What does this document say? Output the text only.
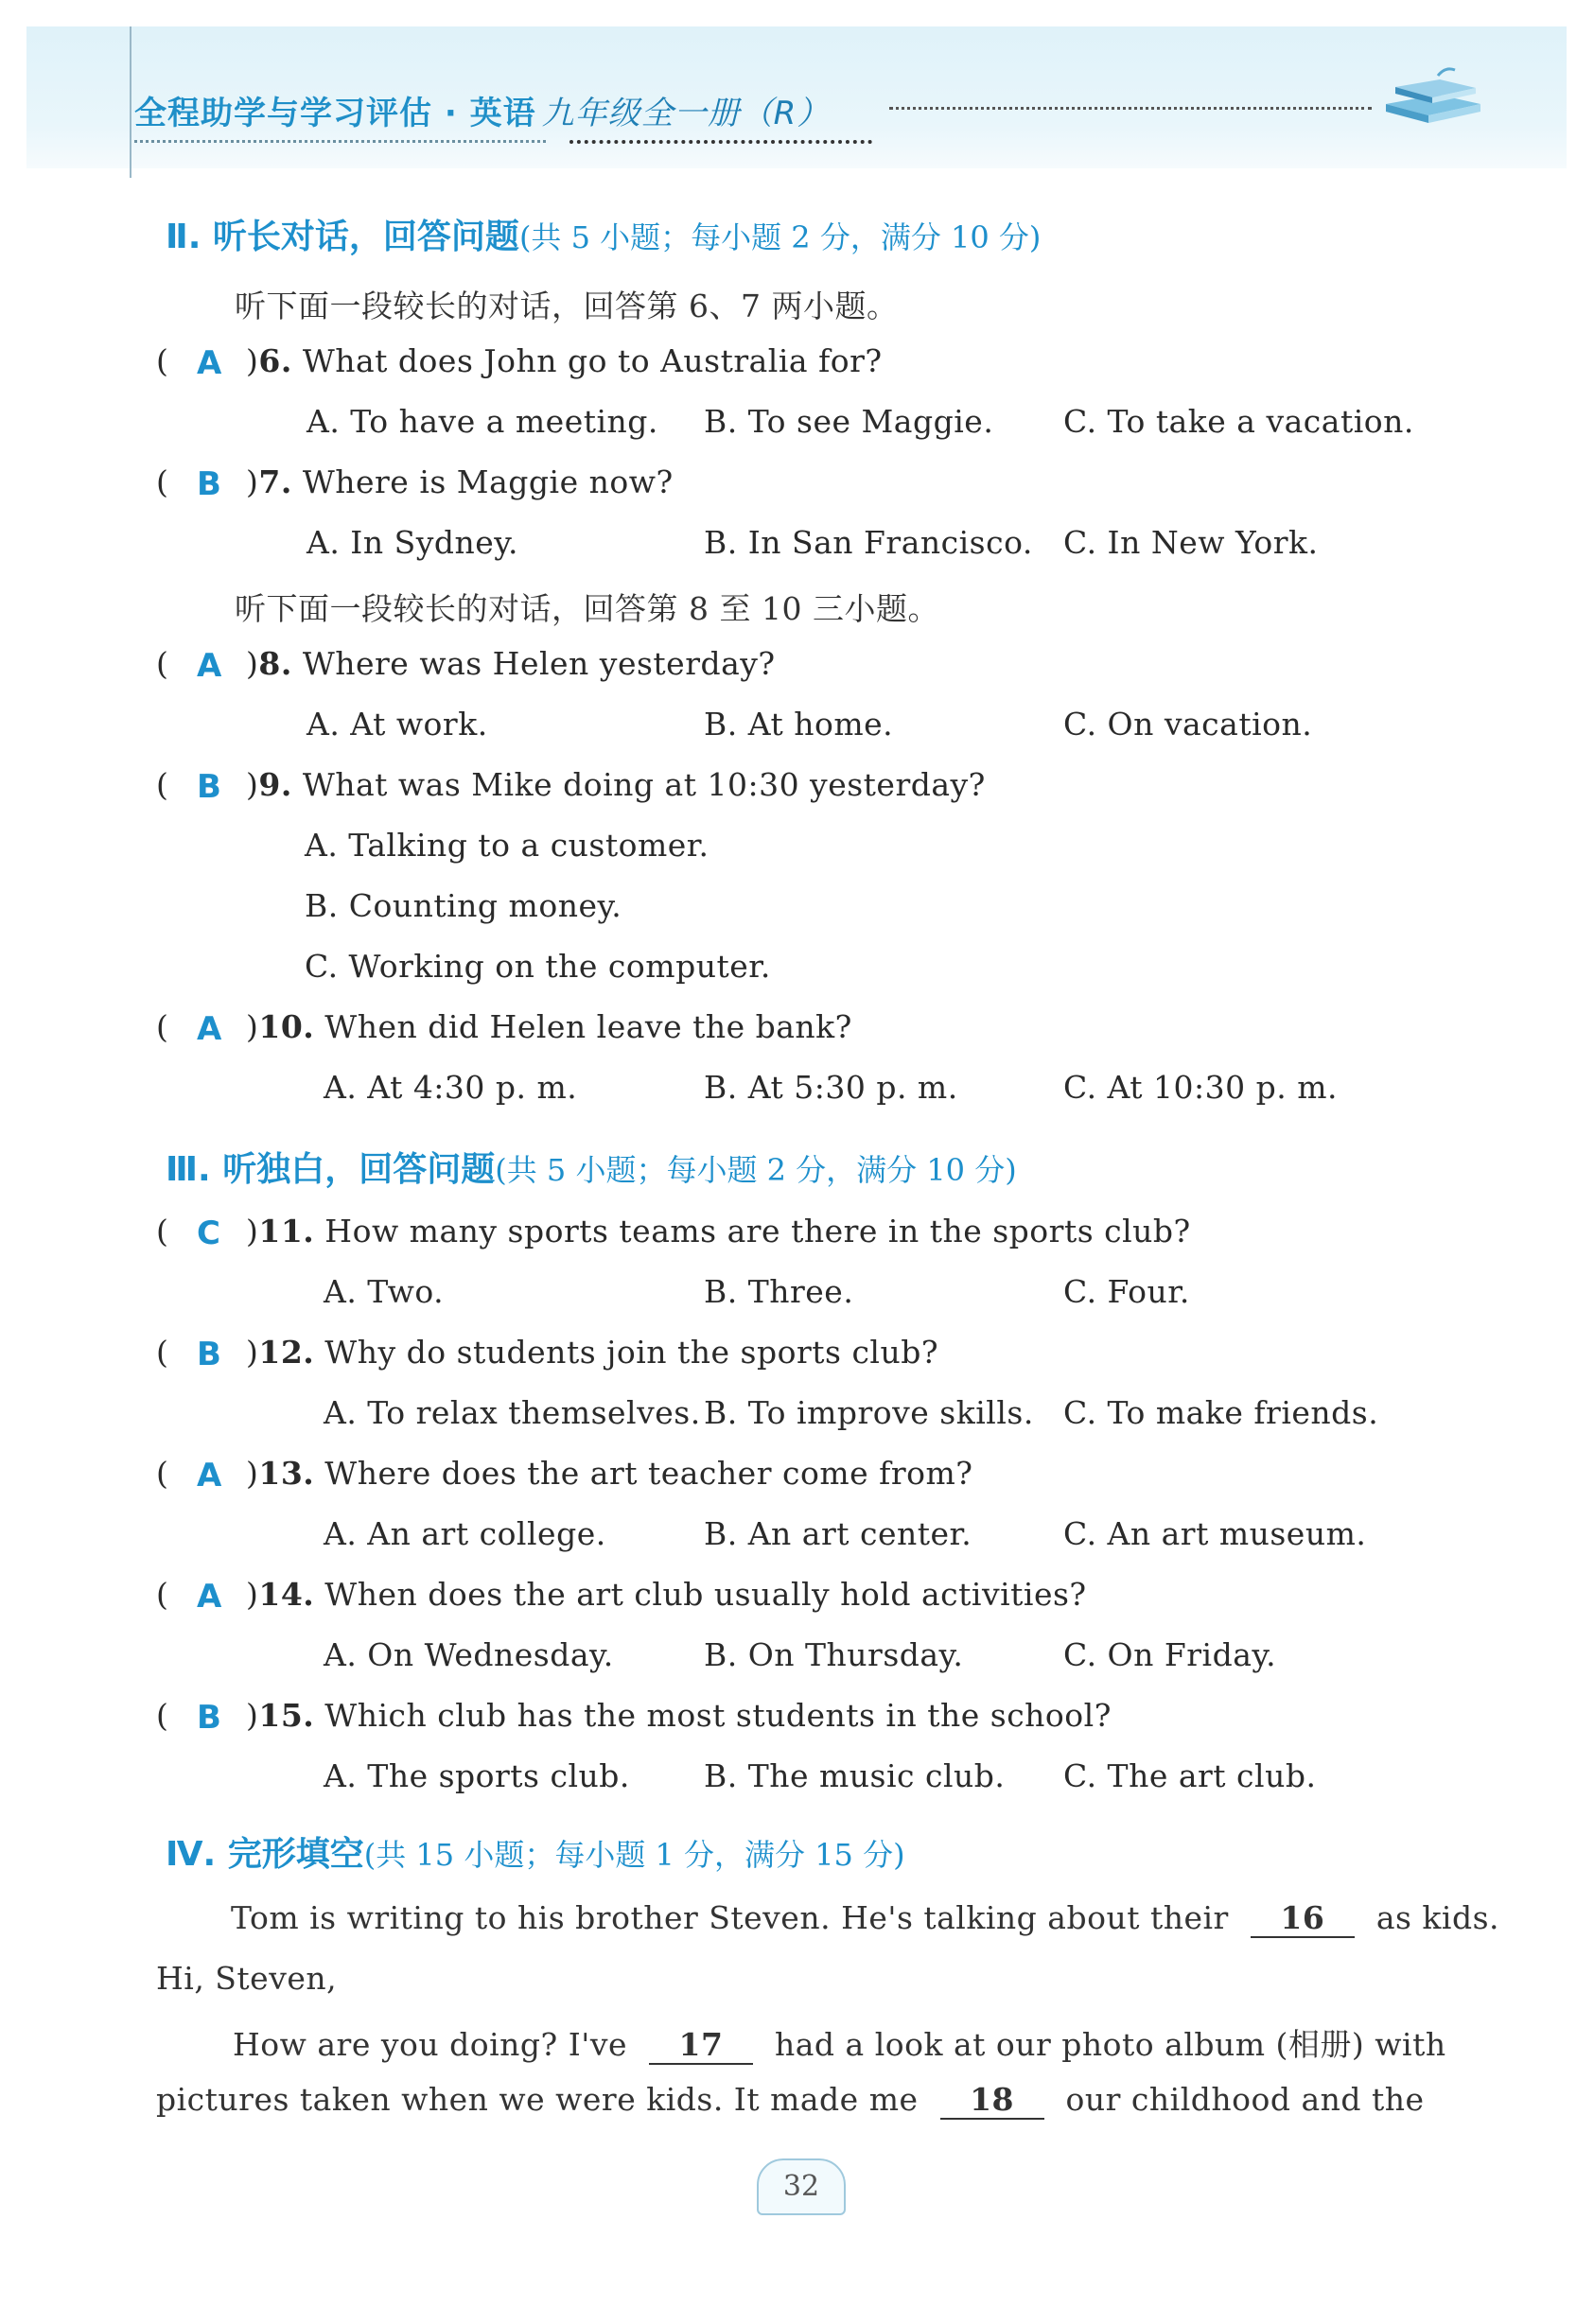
全程助学与学习评估 · 英语 九年级全一册（R）
Ⅱ. 听长对话，回答问题(共 5 小题；每小题 2 分，满分 10 分)
听下面一段较长的对话，回答第 6、7 两小题。
( A )6. What does John go to Australia for?
A. To have a meeting. B. To see Maggie. C. To take a vacation.
( B )7. Where is Maggie now?
A. In Sydney.	B. In San Francisco. C. In New York.
听下面一段较长的对话，回答第 8 至 10 三小题。
( A )8. Where was Helen yesterday?
A. At work.	B. At home.	C. On vacation.
( B )9. What was Mike doing at 10:30 yesterday?
A. Talking to a customer.
B. Counting money.
C. Working on the computer.
( A )10. When did Helen leave the bank?
A. At 4:30 p. m.	B. At 5:30 p. m.	C. At 10:30 p. m.
Ⅲ. 听独白，回答问题(共 5 小题；每小题 2 分，满分 10 分)
( C )11. How many sports teams are there in the sports club?
A. Two.	B. Three.	C. Four.
( B )12. Why do students join the sports club?
A. To relax themselves. B. To improve skills. C. To make friends.
( A )13. Where does the art teacher come from?
A. An art college.	B. An art center.	C. An art museum.
( A )14. When does the art club usually hold activities?
A. On Wednesday.	B. On Thursday.	C. On Friday.
( B )15. Which club has the most students in the school?
A. The sports club. B. The music club. C. The art club.
Ⅳ. 完形填空(共 15 小题；每小题 1 分，满分 15 分)
Tom is writing to his brother Steven. He's talking about their 16 as kids.
Hi, Steven,
How are you doing? I've 17 had a look at our photo album (相册) with
pictures taken when we were kids. It made me 18 our childhood and the
32
